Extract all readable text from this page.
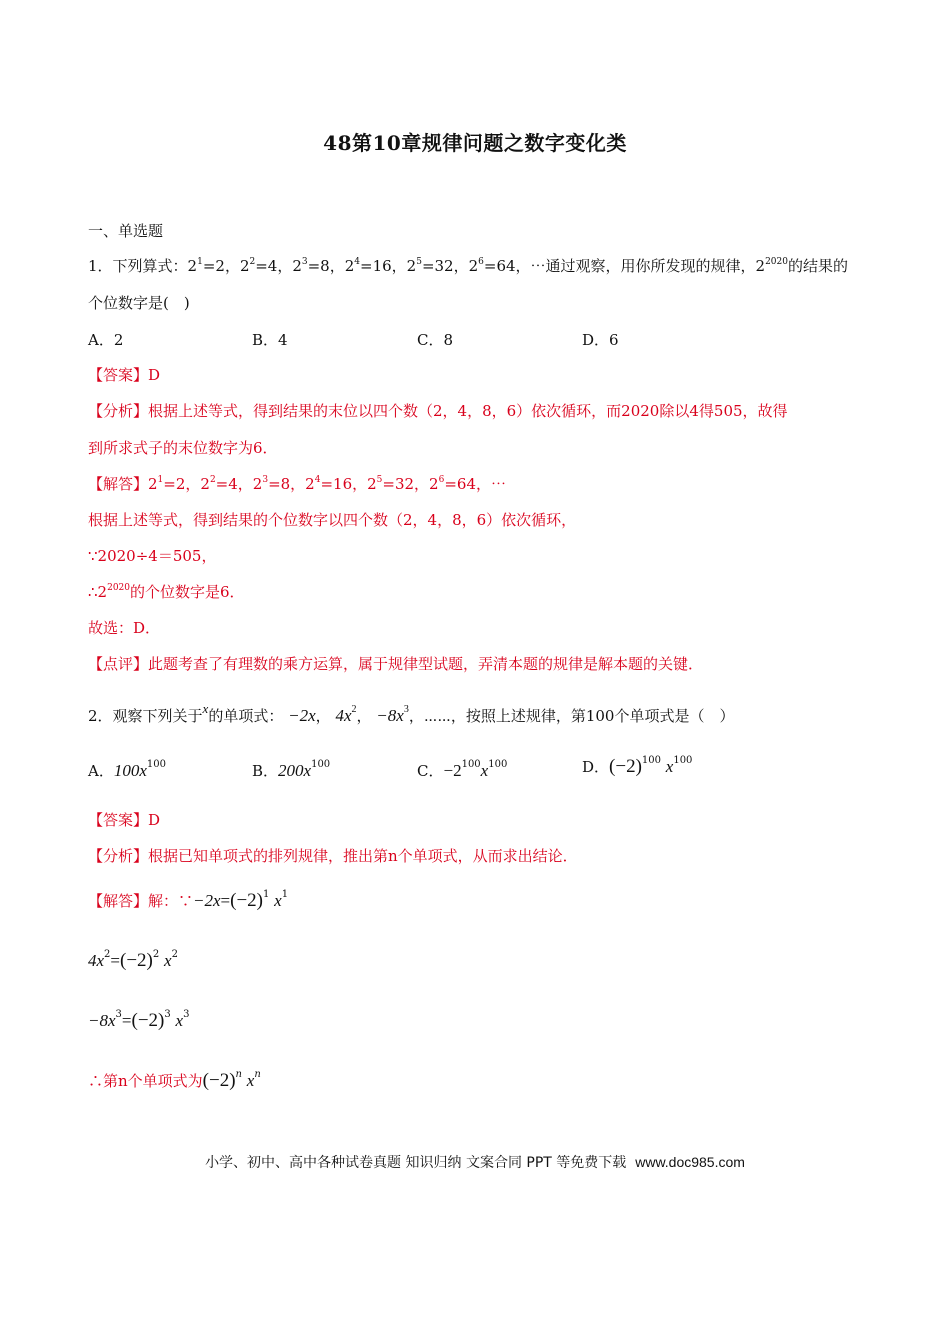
48第10章规律问题之数字变化类
一、单选题
1．下列算式：$2^1=2$，$2^2=4$，$2^3=8$，$2^4=16$，$2^5=32$，$2^6=64$，⋯通过观察，用你所发现的规律，$2^{2020}$的结果的
个位数字是(　)
A．2	B．4	C．8	D．6
【答案】D
【分析】根据上述等式，得到结果的末位以四个数（2，4，8，6）依次循环，而2020除以4得505，故得
到所求式子的末位数字为6．
【解答】$2^1=2$，$2^2=4$，$2^3=8$，$2^4=16$，$2^5=32$，$2^6=64$，⋯
根据上述等式，得到结果的个位数字以四个数（2，4，8，6）依次循环，
∵2020÷4＝505，
$\therefore 2^{2020}$的个位数字是6．
故选：D．
【点评】此题考查了有理数的乘方运算，属于规律型试题，弄清本题的规律是解本题的关键．
2．观察下列关于x的单项式： −2x， $4x^2$， $-8x^3$，⋯⋯，按照上述规律，第100个单项式是（　）
A．$100x^{100}$	B．$200x^{100}$	C．$-2^{100}x^{100}$	D．$(-2)^{100}$ $x^{100}$
【答案】D
【分析】根据已知单项式的排列规律，推出第n个单项式，从而求出结论．
【解答】解：$\because-2x=(-2)^1$ $x^1$
$4x^2=(-2)^2$ $x^2$
$-8x^3=(-2)^3$ $x^3$
∴第n个单项式为$(-2)^n$ $x^n$
小学、初中、高中各种试卷真题 知识归纳 文案合同 PPT 等免费下载 www.doc985.com
